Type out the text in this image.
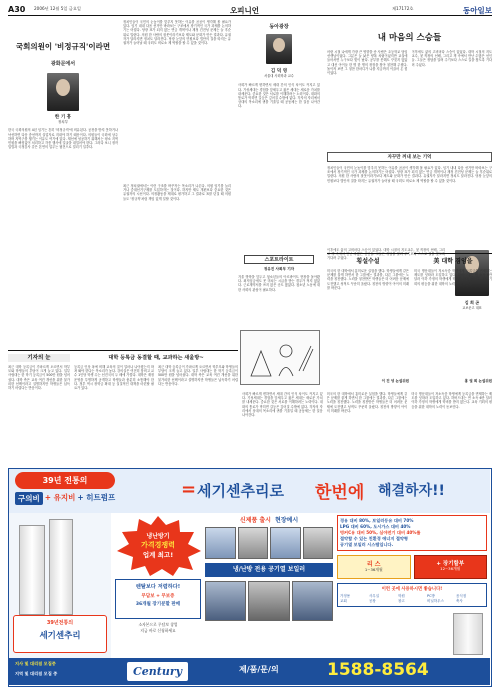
A30 2006년 12월 5일 금요일	오피니언	제17172호	동아일보
국회의원이 '비정규직'이라면
광화문에서
한 기 흥
정치부
한국 국회의원의 4년 임기는 흔히 '비정규직'에 비유된다. 공천을 받지 못하거나 낙선하면 다음 총선까지 실업자로 지내야 하기 때문이다. 의원들이 국회에 상주하며 지역구를 챙기는 이유도 여기에 있다. 재선에 성공하기 위해서는 평소 지역 민원을 빠짐없이 처리하고 각종 행사에 얼굴을 내밀어야 한다. 그러다 보니 정작 입법과 국정감사 같은 본연의 업무는 뒷전으로 밀리기 일쑤다.
정치인들이 국민의 눈높이를 맞추지 못하는 이유를 곰곰이 생각해 볼 필요가 있다. 임기 내내 다음 선거만 바라보는 구조에서 장기적인 국가 과제를 논의하기는 어렵다. 당장 표가 되지 않는 연금 개혁이나 재정 건전성 문제는 늘 후순위로 밀린다. 의원 한 사람의 잘못이라기보다 제도와 문화가 만든 결과다. 유권자가 달라지면 정치도 달라진다. 당장 눈앞의 민원보다 법안의 질을 따지는 유권자가 늘어날 때 국회도 비로소 제 역할을 할 수 있을 것이다.
최근 정치권에서는 이런 구조를 바꾸자는 목소리가 나온다. 의원 임기를 늘리거나 중대선거구제를 도입하자는 것이다. 하지만 제도 개편보다 중요한 것은 유권자의 시선이다. 의정활동을 제대로 평가하고 그 결과로 표를 던질 때 의원들도 '정규직'처럼 책임 있게 일할 것이다.
동아광장
김 덕 영
서울대 사회학과 교수
사회가 빠르게 변하면서 세대 간의 인식 차이도 커지고 있다. 기성세대는 경험을 앞세우고 젊은 세대는 새로운 가치를 내세운다. 중요한 것은 서로를 이해하려는 노력이다. 대화의 통로가 막히면 갈등은 깊어질 수밖에 없다. 각자의 자리에서 상대의 목소리에 귀를 기울일 때 공동체는 한 걸음 나아간다.
내 마음의 스승들
어린 시절 나에게 가장 큰 영향을 준 사람은 초등학교 담임 선생님이었다. 그분은 늘 낡은 양복 차림이었지만 교실에 들어서면 누구보다 빛이 났다. 공부를 못해도 꾸짖지 않았고 대신 아이들 한 명 한 명의 장점을 찾아 칭찬해 주셨다. 돌이켜 보면 그 칭찬 한마디가 나를 지금까지 이끌어 온 힘이었다.
이후에도 삶의 고비마다 스승이 있었다. 대학 시절의 지도교수, 첫 직장의 선배, 그리고 책 속에서 만난 수많은 선인들. 그들은 정답을 알려 주기보다 스스로 길을 찾도록 기다려 주었다.
자꾸만 꺼내 보는 기억
정치인들이 국민의 눈높이를 맞추지 못하는 이유를 곰곰이 생각해 볼 필요가 있다. 임기 내내 다음 선거만 바라보는 구조에서 장기적인 국가 과제를 논의하기는 어렵다. 당장 표가 되지 않는 연금 개혁이나 재정 건전성 문제는 늘 후순위로 밀린다. 의원 한 사람의 잘못이라기보다 제도와 문화가 만든 결과다. 유권자가 달라지면 정치도 달라진다. 당장 눈앞의 민원보다 법안의 질을 따지는 유권자가 늘어날 때 국회도 비로소 제 역할을 할 수 있을 것이다.
스포트라이트
정유진 사회부 기자
겨울 방학을 앞두고 청소년들의 아르바이트 현장을 돌아봤다. 최저임금에도 못 미치는 시급을 받는 경우가 적지 않았다. 근로계약서를 쓰지 않은 곳도 많았다. 청소년 노동에 대한 사회의 관심이 필요하다.
이후에도 삶의 고비마다 스승이 있었다. 대학 시절의 지도교수, 첫 직장의 선배, 그리고 책 속에서 만난 수많은 선인들. 그들은 정답을 알려 주기보다 스스로 길을 찾도록 기다려 주었다.
김 희 곤
교보문고 대표
횡설수설
미국의 한 대학에서 흥미로운 실험을 했다. 학생들에게 같은 문제를 풀게 하면서 한 그룹에는 결과를, 다른 그룹에는 노력을 칭찬했다. 노력을 칭찬받은 학생들은 더 어려운 문제에 도전했고 성적도 꾸준히 올랐다. 칭찬의 방향이 아이의 미래를 바꾼다.
이 진 녕 논설위원
美 대학 겸임을
미국 명문대들이 저소득층 학생에게 등록금을 면제하는 제도를 잇따라 도입하고 있다. 하버드대는 연 소득 6만 달러 이하 가정의 학생에게 학비를 받지 않는다. 교육 기회의 평등을 위한 대학의 노력이 돋보인다.
홍 권 희 논설위원
기자의 눈
최근 대학 등록금이 가파르게 오르면서 학부모와 학생들의 부담이 크게 늘고 있다. 일부 사립대는 한 학기 등록금이 500만 원을 넘어섰다. 대학 측은 교육 여건 개선을 위한 불가피한 선택이라고 설명하지만 학생들은 납득하기 어렵다는 반응이다.
대학 등록금 동결할 때, 교과하는 새울방~
등록금 인상 폭에 비해 교육의 질이 얼마나 나아졌는지 따져 봐야 한다는 목소리가 높다. 강의실은 여전히 붐비고 교수 1인당 학생 수는 선진국의 두 배에 가깝다. 대학은 재정 운영을 투명하게 공개하고 학생들과 충분히 소통해야 한다. 정부 역시 장학금 확대 등 실질적인 대책을 마련할 필요가 있다.
최근 대학 등록금이 가파르게 오르면서 학부모와 학생들의 부담이 크게 늘고 있다. 일부 사립대는 한 학기 등록금이 500만 원을 넘어섰다. 대학 측은 교육 여건 개선을 위한 불가피한 선택이라고 설명하지만 학생들은 납득하기 어렵다는 반응이다.
사회가 빠르게 변하면서 세대 간의 인식 차이도 커지고 있다. 기성세대는 경험을 앞세우고 젊은 세대는 새로운 가치를 내세운다. 중요한 것은 서로를 이해하려는 노력이다. 대화의 통로가 막히면 갈등은 깊어질 수밖에 없다. 각자의 자리에서 상대의 목소리에 귀를 기울일 때 공동체는 한 걸음 나아간다.
미국의 한 대학에서 흥미로운 실험을 했다. 학생들에게 같은 문제를 풀게 하면서 한 그룹에는 결과를, 다른 그룹에는 노력을 칭찬했다. 노력을 칭찬받은 학생들은 더 어려운 문제에 도전했고 성적도 꾸준히 올랐다. 칭찬의 방향이 아이의 미래를 바꾼다.
미국 명문대들이 저소득층 학생에게 등록금을 면제하는 제도를 잇따라 도입하고 있다. 하버드대는 연 소득 6만 달러 이하 가정의 학생에게 학비를 받지 않는다. 교육 기회의 평등을 위한 대학의 노력이 돋보인다.
39년 전통의
구의비 + 유지비 + 히트펌프	= 세기센추리로 한번에 해결하자!!
39년전통의
세기센추리
냉난방기
가격경쟁력
업계 최고!
렌탈보다 저렴하다!
무담보 + 무보증
36개월 장기분할 판매
소자본으로 무담보 창업
지금 바로 신청하세요
신제품 출시 현장예시
냉/난방 전용 공기열 보일러
경유 대비 80%, 보일러등유 대비 70%
LPG 대비 60%, 도시가스 대비 40%
벙커C유 대비 50%, 심야전기 대비 40%를
절약할 수 있는 친환경 에너지 절약형
공기열 보일러 시스템입니다.
리 스
1~36개월
+ 장기할부
12~36개월
이런 곳에 사용하시면 좋습니다!
가정용	사무실	학원	PC방	음식점
교회	공장	창고	비닐하우스	축사
지사 및 대리점 모집중
지역 및 대리점 모집 중	Century	제/품/문/의	1588-8564
